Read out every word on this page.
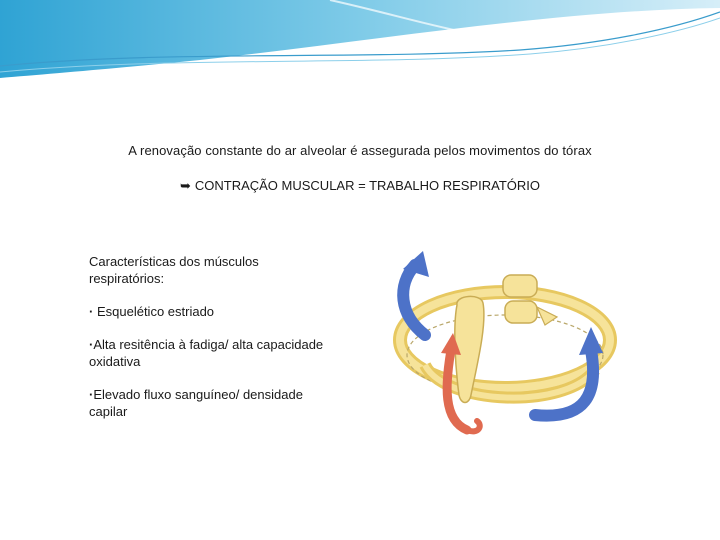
A renovação constante do ar alveolar é assegurada pelos movimentos do tórax
➥ CONTRAÇÃO MUSCULAR = TRABALHO RESPIRATÓRIO
Características dos músculos respiratórios:
· Esquelético estriado
·Alta resitência à fadiga/ alta capacidade oxidativa
·Elevado fluxo sanguíneo/ densidade capilar
